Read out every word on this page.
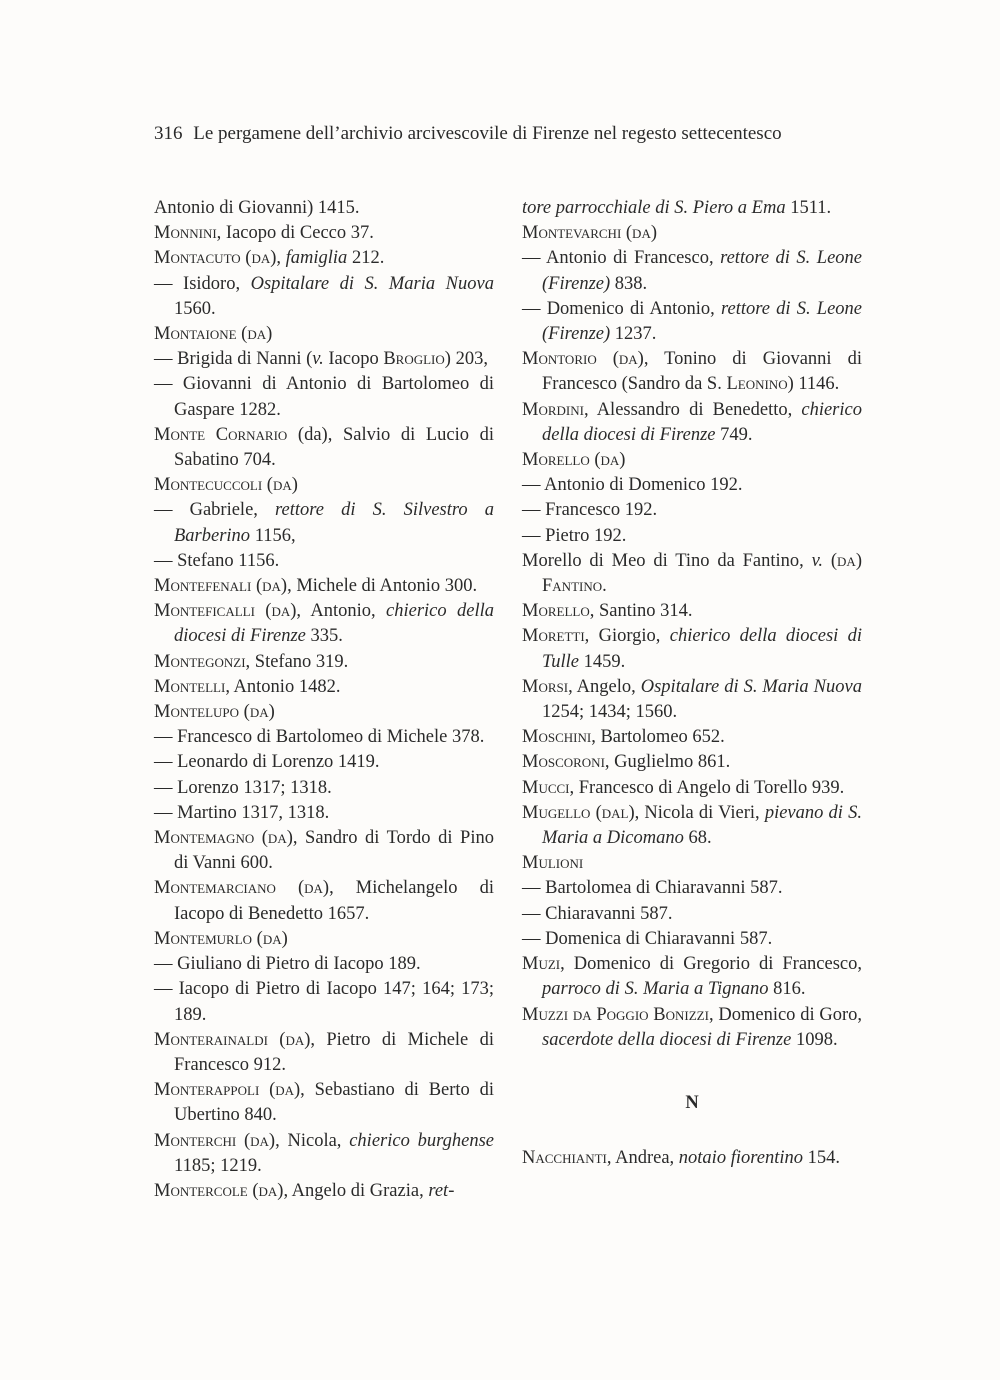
316 Le pergamene dell’archivio arcivescovile di Firenze nel regesto settecentesco
Antonio di Giovanni) 1415.
Monnini, Iacopo di Cecco 37.
Montacuto (da), famiglia 212.
— Isidoro, Ospitalare di S. Maria Nuova 1560.
Montaione (da)
— Brigida di Nanni (v. Iacopo Broglio) 203,
— Giovanni di Antonio di Bartolomeo di Gaspare 1282.
Monte Cornario (da), Salvio di Lucio di Sabatino 704.
Montecuccoli (da)
— Gabriele, rettore di S. Silvestro a Barberino 1156,
— Stefano 1156.
Montefenali (da), Michele di Antonio 300.
Monteficalli (da), Antonio, chierico della diocesi di Firenze 335.
Montegonzi, Stefano 319.
Montelli, Antonio 1482.
Montelupo (da)
— Francesco di Bartolomeo di Michele 378.
— Leonardo di Lorenzo 1419.
— Lorenzo 1317; 1318.
— Martino 1317, 1318.
Montemagno (da), Sandro di Tordo di Pino di Vanni 600.
Montemarciano (da), Michelangelo di Iacopo di Benedetto 1657.
Montemurlo (da)
— Giuliano di Pietro di Iacopo 189.
— Iacopo di Pietro di Iacopo 147; 164; 173; 189.
Monterainaldi (da), Pietro di Michele di Francesco 912.
Monterappoli (da), Sebastiano di Berto di Ubertino 840.
Monterchi (da), Nicola, chierico burghense 1185; 1219.
Montercole (da), Angelo di Grazia, ret-
tore parrocchiale di S. Piero a Ema 1511.
Montevarchi (da)
— Antonio di Francesco, rettore di S. Leone (Firenze) 838.
— Domenico di Antonio, rettore di S. Leone (Firenze) 1237.
Montorio (da), Tonino di Giovanni di Francesco (Sandro da S. Leonino) 1146.
Mordini, Alessandro di Benedetto, chierico della diocesi di Firenze 749.
Morello (da)
— Antonio di Domenico 192.
— Francesco 192.
— Pietro 192.
Morello di Meo di Tino da Fantino, v. (da) Fantino.
Morello, Santino 314.
Moretti, Giorgio, chierico della diocesi di Tulle 1459.
Morsi, Angelo, Ospitalare di S. Maria Nuova 1254; 1434; 1560.
Moschini, Bartolomeo 652.
Moscoroni, Guglielmo 861.
Mucci, Francesco di Angelo di Torello 939.
Mugello (dal), Nicola di Vieri, pievano di S. Maria a Dicomano 68.
Mulioni
— Bartolomea di Chiaravanni 587.
— Chiaravanni 587.
— Domenica di Chiaravanni 587.
Muzi, Domenico di Gregorio di Francesco, parroco di S. Maria a Tignano 816.
Muzzi da Poggio Bonizzi, Domenico di Goro, sacerdote della diocesi di Firenze 1098.
N
Nacchianti, Andrea, notaio fiorentino 154.
